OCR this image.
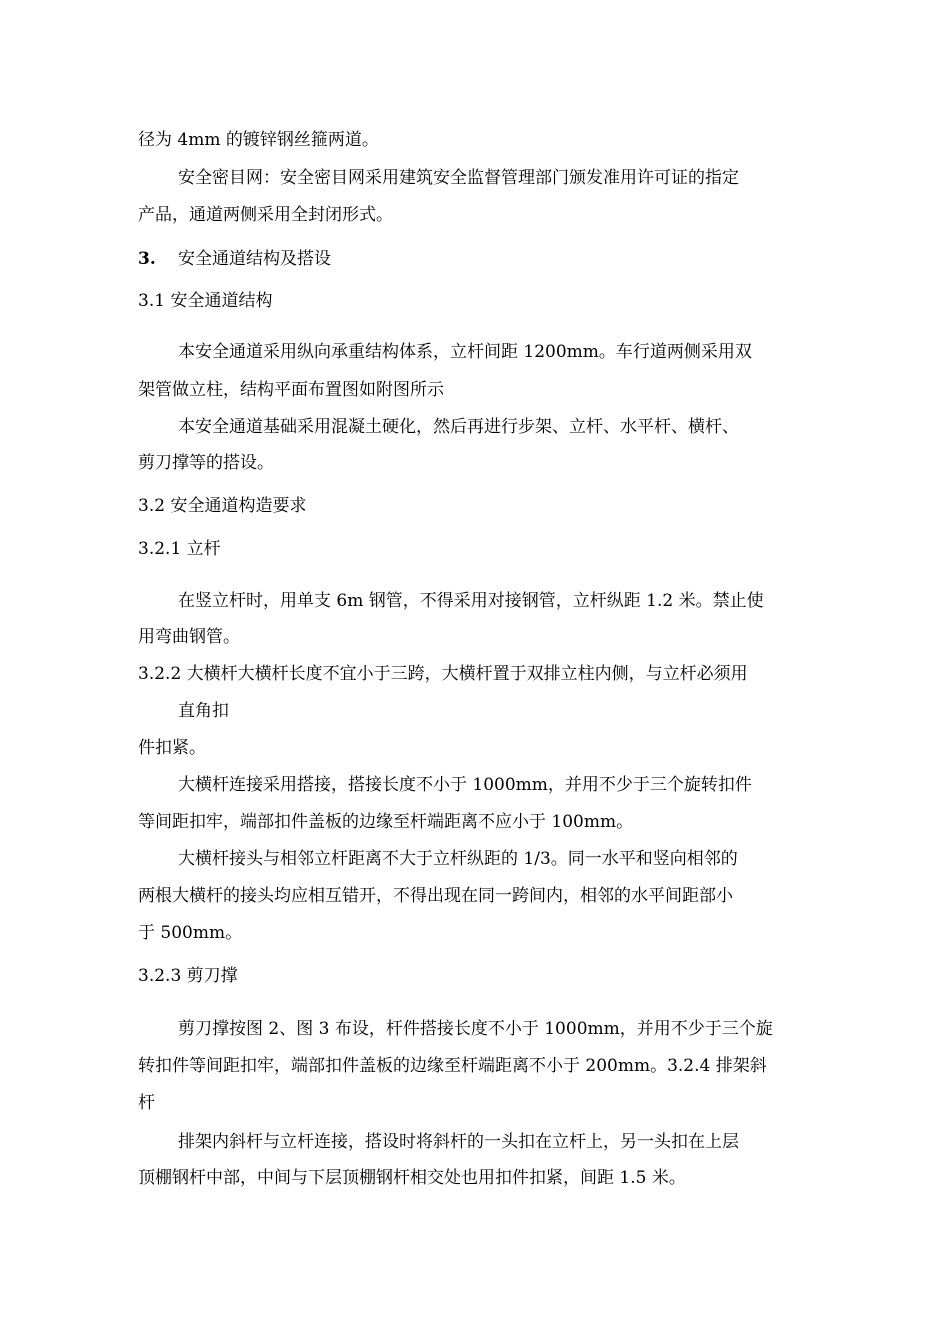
径为 4mm 的镀锌钢丝箍两道。
安全密目网：安全密目网采用建筑安全监督管理部门颁发准用许可证的指定
产品，通道两侧采用全封闭形式。
3. 安全通道结构及搭设
3.1 安全通道结构
本安全通道采用纵向承重结构体系，立杆间距 1200mm。车行道两侧采用双
架管做立柱，结构平面布置图如附图所示
本安全通道基础采用混凝土硬化，然后再进行步架、立杆、水平杆、横杆、
剪刀撑等的搭设。
3.2 安全通道构造要求
3.2.1 立杆
在竖立杆时，用单支 6m 钢管，不得采用对接钢管，立杆纵距 1.2 米。禁止使
用弯曲钢管。
3.2.2 大横杆大横杆长度不宜小于三跨，大横杆置于双排立柱内侧，与立杆必须用
直角扣
件扣紧。
大横杆连接采用搭接，搭接长度不小于 1000mm，并用不少于三个旋转扣件
等间距扣牢，端部扣件盖板的边缘至杆端距离不应小于 100mm。
大横杆接头与相邻立杆距离不大于立杆纵距的 1/3。同一水平和竖向相邻的
两根大横杆的接头均应相互错开，不得出现在同一跨间内，相邻的水平间距部小
于 500mm。
3.2.3 剪刀撑
剪刀撑按图 2、图 3 布设，杆件搭接长度不小于 1000mm，并用不少于三个旋
转扣件等间距扣牢，端部扣件盖板的边缘至杆端距离不小于 200mm。3.2.4 排架斜
杆
排架内斜杆与立杆连接，搭设时将斜杆的一头扣在立杆上，另一头扣在上层
顶棚钢杆中部，中间与下层顶棚钢杆相交处也用扣件扣紧，间距 1.5 米。
